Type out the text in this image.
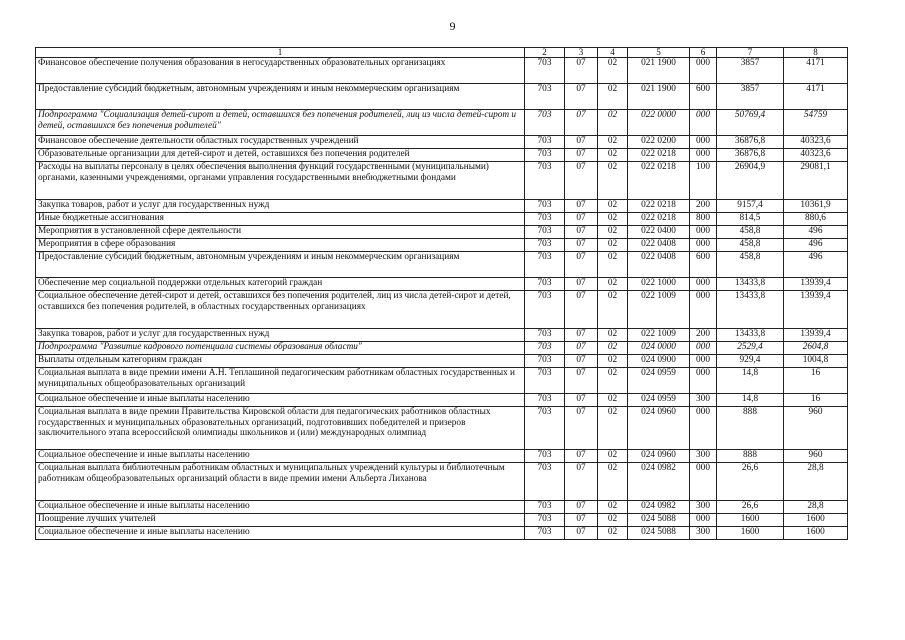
9
1	2	3	4	5	6	7	8
Финансовое обеспечение получения образования в негосударственных образовательных организациях	703	07	02	021 1900	000	3857	4171
Предоставление субсидий бюджетным, автономным учреждениям и иным некоммерческим организациям	703	07	02	021 1900	600	3857	4171
Подпрограмма "Социализация детей-сирот и детей, оставшихся без попечения родителей, лиц из числа детей-сирот и детей, оставшихся без попечения родителей"	703	07	02	022 0000	000	50769,4	54759
Финансовое обеспечение деятельности областных государственных учреждений	703	07	02	022 0200	000	36876,8	40323,6
Образовательные организации для детей-сирот и детей, оставшихся без попечения родителей	703	07	02	022 0218	000	36876,8	40323,6
Расходы на выплаты персоналу в целях обеспечения выполнения функций государственными (муниципальными) органами, казенными учреждениями, органами управления государственными внебюджетными фондами	703	07	02	022 0218	100	26904,9	29081,1
Закупка товаров, работ и услуг для государственных нужд	703	07	02	022 0218	200	9157,4	10361,9
Иные бюджетные ассигнования	703	07	02	022 0218	800	814,5	880,6
Мероприятия в установленной сфере деятельности	703	07	02	022 0400	000	458,8	496
Мероприятия в сфере образования	703	07	02	022 0408	000	458,8	496
Предоставление субсидий бюджетным, автономным учреждениям и иным некоммерческим организациям	703	07	02	022 0408	600	458,8	496
Обеспечение мер социальной поддержки отдельных категорий граждан	703	07	02	022 1000	000	13433,8	13939,4
Социальное обеспечение детей-сирот и детей, оставшихся без попечения родителей, лиц из числа детей-сирот и детей, оставшихся без попечения родителей, в областных государственных организациях	703	07	02	022 1009	000	13433,8	13939,4
Закупка товаров, работ и услуг для государственных нужд	703	07	02	022 1009	200	13433,8	13939,4
Подпрограмма "Развитие кадрового потенциала системы образования области"	703	07	02	024 0000	000	2529,4	2604,8
Выплаты отдельным категориям граждан	703	07	02	024 0900	000	929,4	1004,8
Социальная выплата в виде премии имени А.Н. Теплашиной педагогическим работникам областных государственных и муниципальных общеобразовательных организаций	703	07	02	024 0959	000	14,8	16
Социальное обеспечение и иные выплаты населению	703	07	02	024 0959	300	14,8	16
Социальная выплата в виде премии Правительства Кировской области для педагогических работников областных государственных и муниципальных образовательных организаций, подготовивших победителей и призеров заключительного этапа всероссийской олимпиады школьников и (или) международных олимпиад	703	07	02	024 0960	000	888	960
Социальное обеспечение и иные выплаты населению	703	07	02	024 0960	300	888	960
Социальная выплата библиотечным работникам областных и муниципальных учреждений культуры и библиотечным работникам общеобразовательных организаций области в виде премии имени Альберта Лиханова	703	07	02	024 0982	000	26,6	28,8
Социальное обеспечение и иные выплаты населению	703	07	02	024 0982	300	26,6	28,8
Поощрение лучших учителей	703	07	02	024 5088	000	1600	1600
Социальное обеспечение и иные выплаты населению	703	07	02	024 5088	300	1600	1600
